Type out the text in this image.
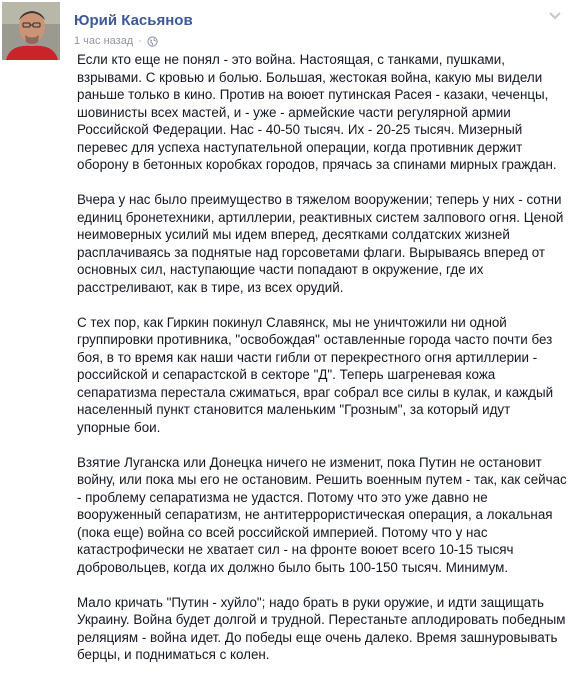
Юрий Касьянов
1 час назад ·

Если кто еще не понял - это война. Настоящая, с танками, пушками, взрывами. С кровью и болью. Большая, жестокая война, какую мы видели раньше только в кино. Против на воюет путинская Расея - казаки, чеченцы, шовинисты всех мастей, и - уже - армейские части регулярной армии Российской Федерации. Нас - 40-50 тысяч. Их - 20-25 тысяч. Мизерный перевес для успеха наступательной операции, когда противник держит оборону в бетонных коробках городов, прячась за спинами мирных граждан.

Вчера у нас было преимущество в тяжелом вооружении; теперь у них - сотни единиц бронетехники, артиллерии, реактивных систем залпового огня. Ценой неимоверных усилий мы идем вперед, десятками солдатских жизней расплачиваясь за поднятые над горсоветами флаги. Вырываясь вперед от основных сил, наступающие части попадают в окружение, где их расстреливают, как в тире, из всех орудий.

С тех пор, как Гиркин покинул Славянск, мы не уничтожили ни одной группировки противника, "освобождая" оставленные города часто почти без боя, в то время как наши части гибли от перекрестного огня артиллерии - российской и сепарастской в секторе "Д". Теперь шагреневая кожа сепаратизма перестала сжиматься, враг собрал все силы в кулак, и каждый населенный пункт становится маленьким "Грозным", за который идут упорные бои.

Взятие Луганска или Донецка ничего не изменит, пока Путин не остановит войну, или пока мы его не остановим. Решить военным путем - так, как сейчас - проблему сепаратизма не удастся. Потому что это уже давно не вооруженный сепаратизм, не антитеррористическая операция, а локальная (пока еще) война со всей российской империей. Потому что у нас катастрофически не хватает сил - на фронте воюет всего 10-15 тысяч добровольцев, когда их должно было быть 100-150 тысяч. Минимум.

Мало кричать "Путин - хуйло"; надо брать в руки оружие, и идти защищать Украину. Война будет долгой и трудной. Перестаньте аплодировать победным реляциям - война идет. До победы еще очень далеко. Время зашнуровывать берцы, и подниматься с колен.
